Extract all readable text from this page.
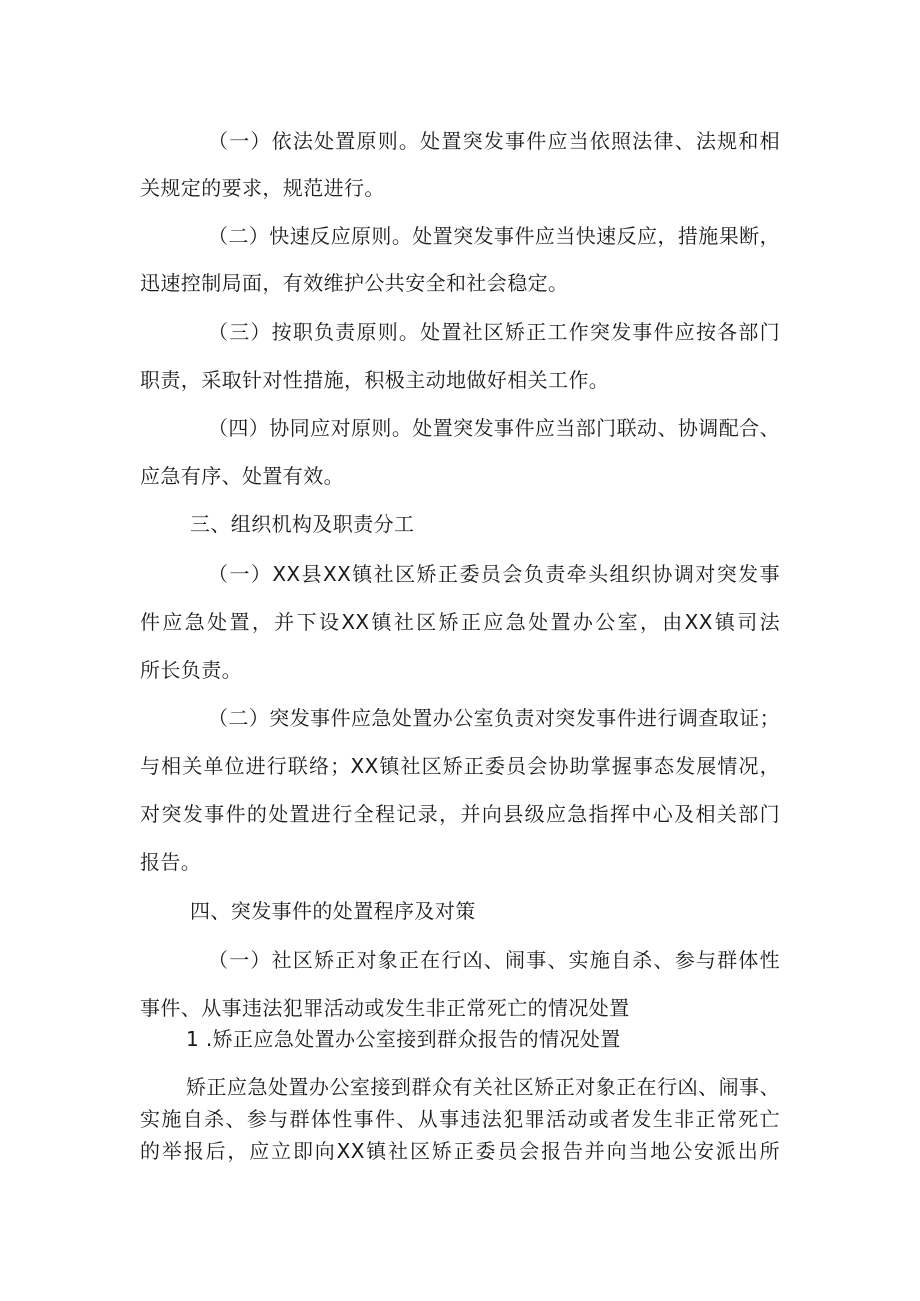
（一）依法处置原则。处置突发事件应当依照法律、法规和相

关规定的要求，规范进行。

（二）快速反应原则。处置突发事件应当快速反应，措施果断，

迅速控制局面，有效维护公共安全和社会稳定。

（三）按职负责原则。处置社区矫正工作突发事件应按各部门

职责，采取针对性措施，积极主动地做好相关工作。

（四）协同应对原则。处置突发事件应当部门联动、协调配合、

应急有序、处置有效。

三、组织机构及职责分工

（一）XX县XX镇社区矫正委员会负责牵头组织协调对突发事

件应急处置，并下设XX镇社区矫正应急处置办公室，由XX镇司法

所长负责。

（二）突发事件应急处置办公室负责对突发事件进行调查取证；

与相关单位进行联络；XX镇社区矫正委员会协助掌握事态发展情况，

对突发事件的处置进行全程记录，并向县级应急指挥中心及相关部门

报告。

四、突发事件的处置程序及对策

（一）社区矫正对象正在行凶、闹事、实施自杀、参与群体性

事件、从事违法犯罪活动或发生非正常死亡的情况处置

1 .矫正应急处置办公室接到群众报告的情况处置

矫正应急处置办公室接到群众有关社区矫正对象正在行凶、闹事、

实施自杀、参与群体性事件、从事违法犯罪活动或者发生非正常死亡

的举报后，应立即向XX镇社区矫正委员会报告并向当地公安派出所
